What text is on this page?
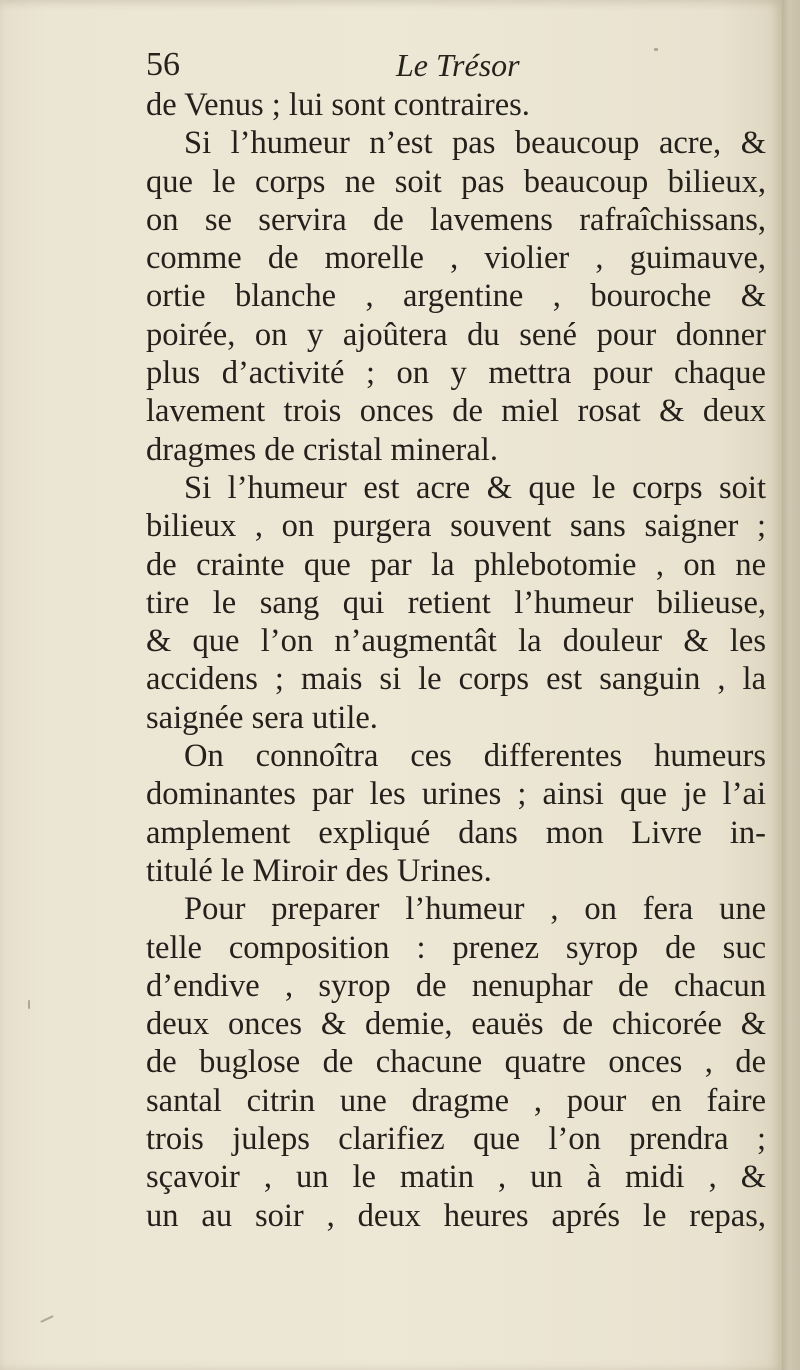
56	Le Trésor
de Venus ; lui sont contraires.
Si l’humeur n’est pas beaucoup acre, &
que le corps ne soit pas beaucoup bilieux,
on se servira de lavemens rafraîchissans,
comme de morelle , violier , guimauve,
ortie blanche , argentine , bouroche &
poirée, on y ajoûtera du sené pour donner
plus d’activité ; on y mettra pour chaque
lavement trois onces de miel rosat & deux
dragmes de cristal mineral.
Si l’humeur est acre & que le corps soit
bilieux , on purgera souvent sans saigner ;
de crainte que par la phlebotomie , on ne
tire le sang qui retient l’humeur bilieuse,
& que l’on n’augmentât la douleur & les
accidens ; mais si le corps est sanguin , la
saignée sera utile.
On connoîtra ces differentes humeurs
dominantes par les urines ; ainsi que je l’ai
amplement expliqué dans mon Livre in-
titulé le Miroir des Urines.
Pour preparer l’humeur , on fera une
telle composition : prenez syrop de suc
d’endive , syrop de nenuphar de chacun
deux onces & demie, eauës de chicorée &
de buglose de chacune quatre onces , de
santal citrin une dragme , pour en faire
trois juleps clarifiez que l’on prendra ;
sçavoir , un le matin , un à midi , &
un au soir , deux heures aprés le repas,
